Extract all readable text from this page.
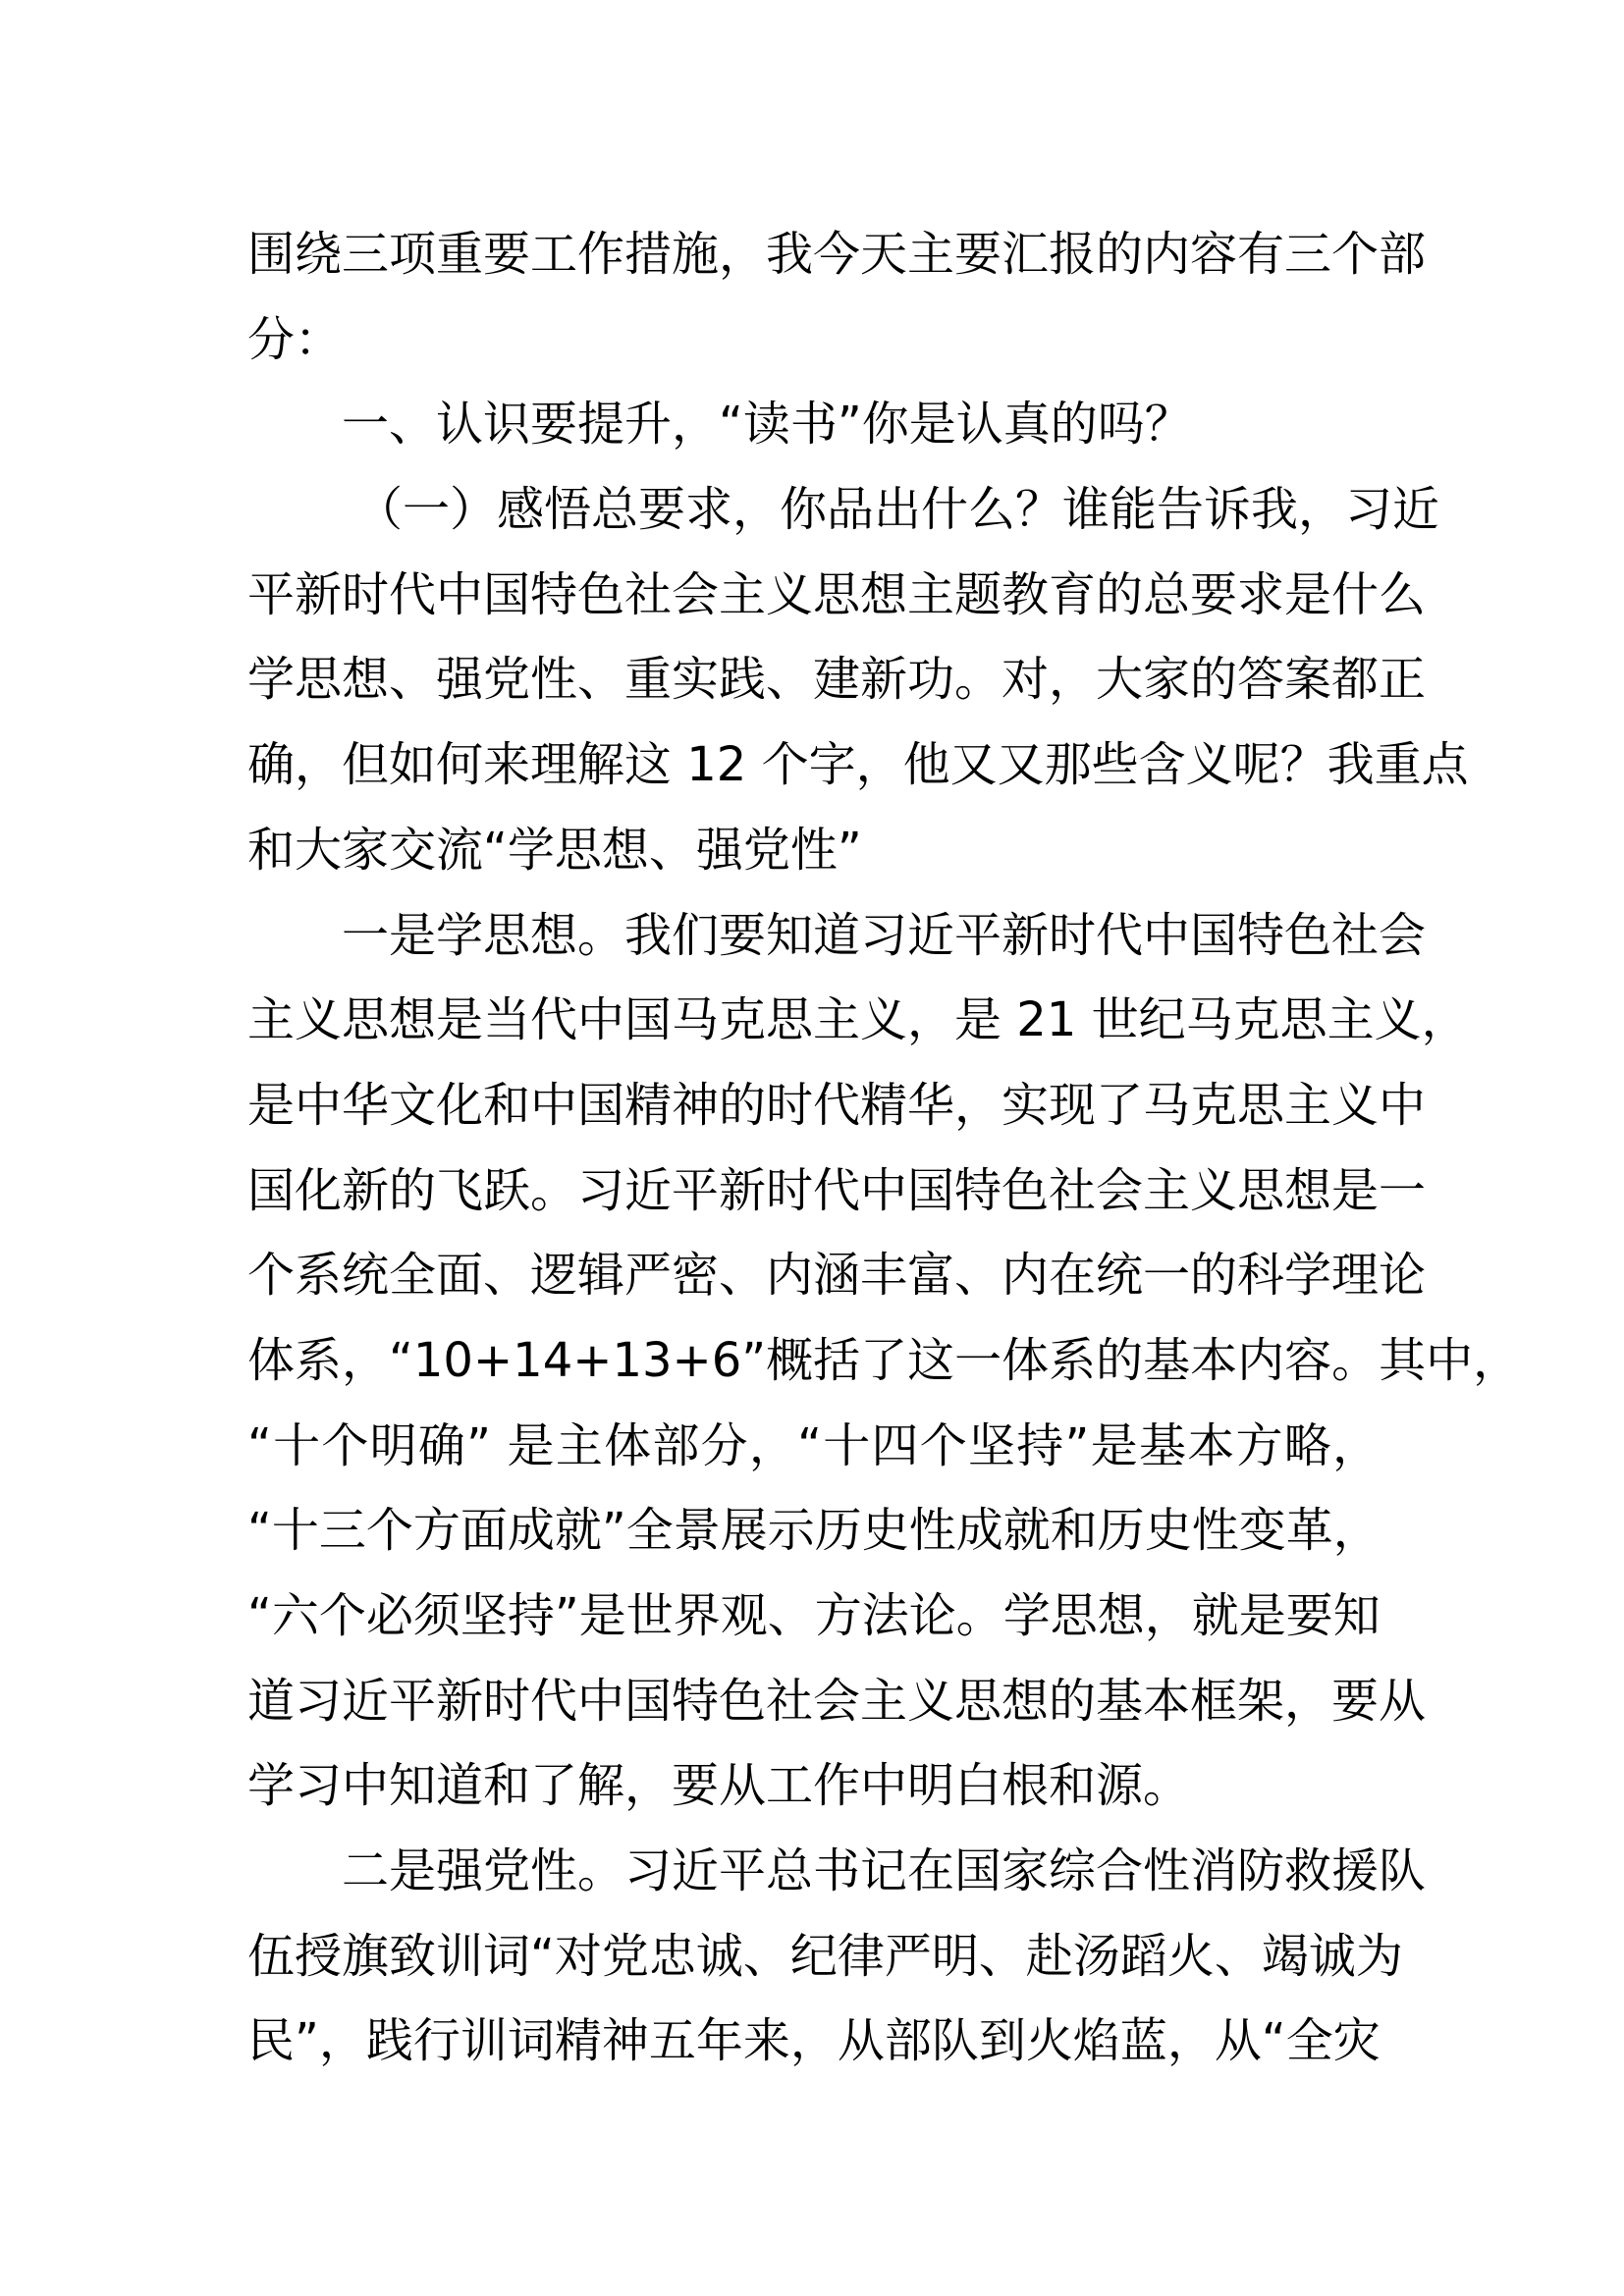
围绕三项重要工作措施，我今天主要汇报的内容有三个部
分：
一、认识要提升，“读书”你是认真的吗？
（一）感悟总要求，你品出什么？谁能告诉我，习近
平新时代中国特色社会主义思想主题教育的总要求是什么
学思想、强党性、重实践、建新功。对，大家的答案都正
确，但如何来理解这 12 个字，他又又那些含义呢？我重点
和大家交流“学思想、强党性”
一是学思想。我们要知道习近平新时代中国特色社会
主义思想是当代中国马克思主义，是 21 世纪马克思主义，
是中华文化和中国精神的时代精华，实现了马克思主义中
国化新的飞跃。习近平新时代中国特色社会主义思想是一
个系统全面、逻辑严密、内涵丰富、内在统一的科学理论
体系，“10+14+13+6”概括了这一体系的基本内容。其中，
“十个明确” 是主体部分，“十四个坚持”是基本方略，
“十三个方面成就”全景展示历史性成就和历史性变革，
“六个必须坚持”是世界观、方法论。学思想，就是要知
道习近平新时代中国特色社会主义思想的基本框架，要从
学习中知道和了解，要从工作中明白根和源。
二是强党性。习近平总书记在国家综合性消防救援队
伍授旗致训词“对党忠诚、纪律严明、赴汤蹈火、竭诚为
民”，践行训词精神五年来，从部队到火焰蓝，从“全灾
